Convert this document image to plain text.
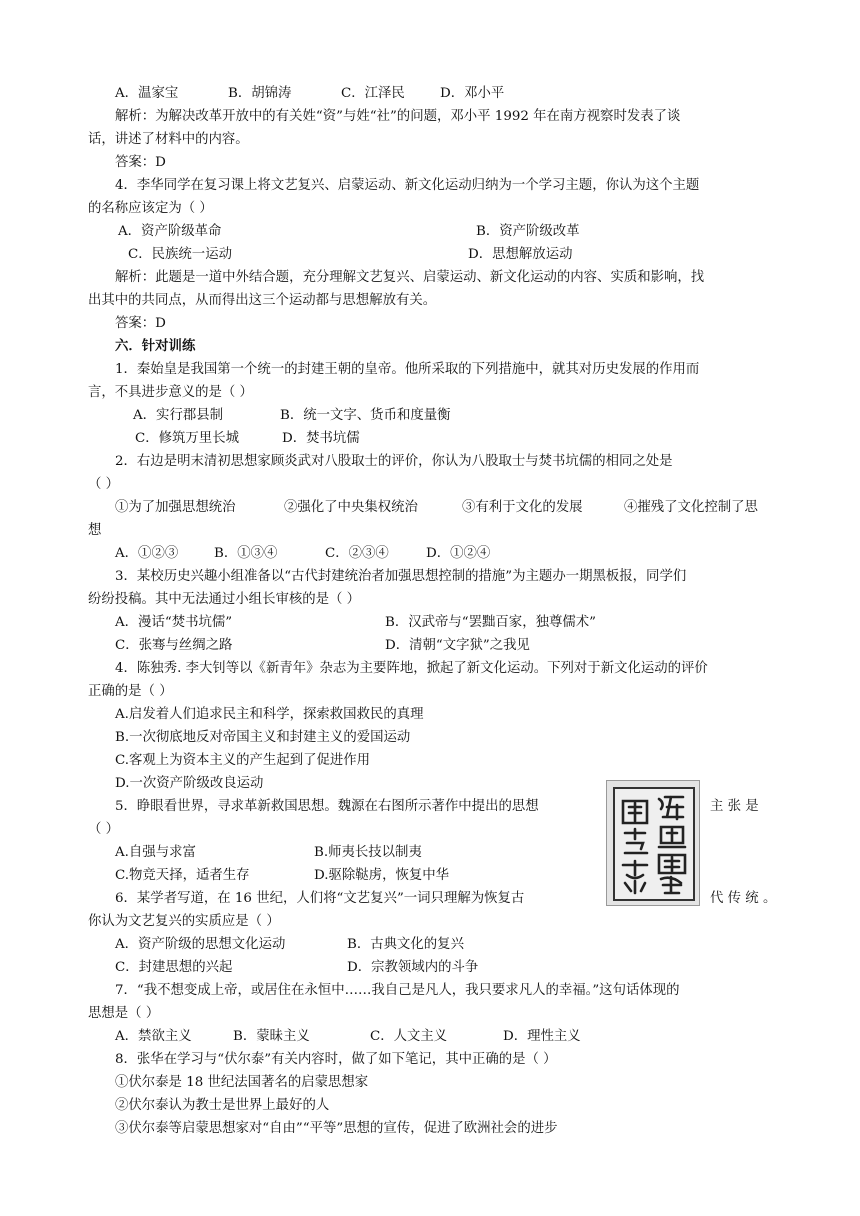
A．温家宝	B．胡锦涛	C．江泽民	D．邓小平
解析：为解决改革开放中的有关姓“资”与姓“社”的问题，邓小平 1992 年在南方视察时发表了谈
话，讲述了材料中的内容。
答案：D
4．李华同学在复习课上将文艺复兴、启蒙运动、新文化运动归纳为一个学习主题，你认为这个主题
的名称应该定为（ ）
A．资产阶级革命	B．资产阶级改革
C．民族统一运动	D．思想解放运动
解析：此题是一道中外结合题，充分理解文艺复兴、启蒙运动、新文化运动的内容、实质和影响，找
出其中的共同点，从而得出这三个运动都与思想解放有关。
答案：D
六．针对训练
1．秦始皇是我国第一个统一的封建王朝的皇帝。他所采取的下列措施中，就其对历史发展的作用而
言，不具进步意义的是（ ）
A．实行郡县制	B．统一文字、货币和度量衡
C．修筑万里长城	D．焚书坑儒
2．右边是明末清初思想家顾炎武对八股取士的评价，你认为八股取士与焚书坑儒的相同之处是
（ ）
①为了加强思想统治	②强化了中央集权统治	③有利于文化的发展	④摧残了文化控制了思
想
A．①②③	B．①③④	C．②③④	D．①②④
3．某校历史兴趣小组准备以“古代封建统治者加强思想控制的措施”为主题办一期黑板报，同学们
纷纷投稿。其中无法通过小组长审核的是（ ）
A．漫话“焚书坑儒”	B．汉武帝与“罢黜百家，独尊儒术”
C．张骞与丝绸之路	D．清朝“文字狱”之我见
4．陈独秀. 李大钊等以《新青年》杂志为主要阵地，掀起了新文化运动。下列对于新文化运动的评价
正确的是（ ）
A.启发着人们追求民主和科学，探索救国救民的真理
B.一次彻底地反对帝国主义和封建主义的爱国运动
C.客观上为资本主义的产生起到了促进作用
D.一次资产阶级改良运动
5．睁眼看世界，寻求革新救国思想。魏源在右图所示著作中提出的思想	主 张 是
（ ）
A.自强与求富	B.师夷长技以制夷
C.物竞天择，适者生存	D.驱除鞑虏，恢复中华
6．某学者写道，在 16 世纪，人们将“文艺复兴”一词只理解为恢复古	代 传 统 。
你认为文艺复兴的实质应是（ ）
A．资产阶级的思想文化运动	B．古典文化的复兴
C．封建思想的兴起	D．宗教领域内的斗争
7．“我不想变成上帝，或居住在永恒中……我自己是凡人，我只要求凡人的幸福。”这句话体现的
思想是（ ）
A．禁欲主义	B．蒙昧主义	C．人文主义	D．理性主义
8．张华在学习与“伏尔泰”有关内容时，做了如下笔记，其中正确的是（ ）
①伏尔泰是 18 世纪法国著名的启蒙思想家
②伏尔泰认为教士是世界上最好的人
③伏尔泰等启蒙思想家对“自由”“平等”思想的宣传，促进了欧洲社会的进步
